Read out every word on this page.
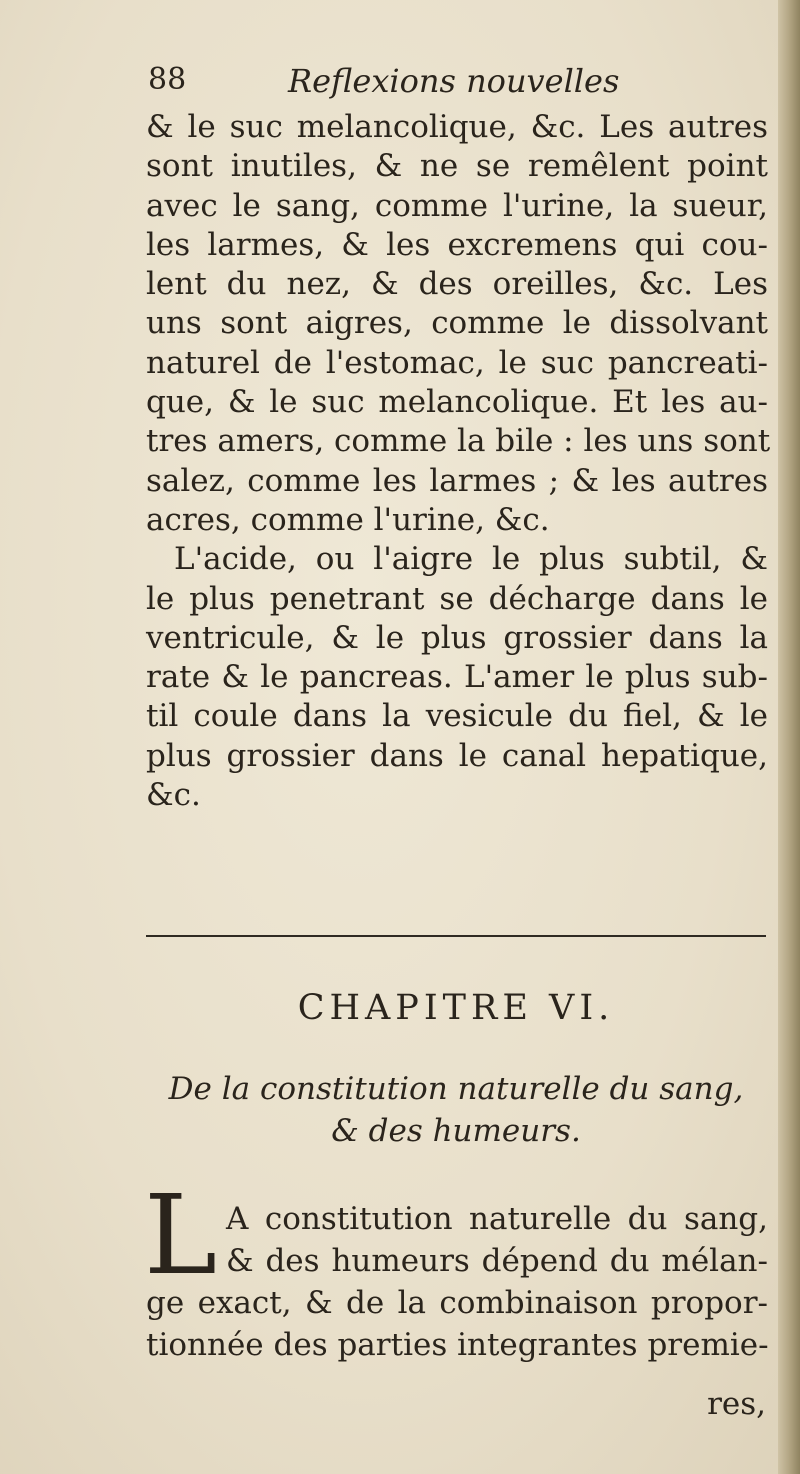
88	Reflexions nouvelles
& le suc melancolique, &c. Les autres
sont inutiles, & ne se remêlent point
avec le sang, comme l'urine, la sueur,
les larmes, & les excremens qui cou-
lent du nez, & des oreilles, &c. Les
uns sont aigres, comme le dissolvant
naturel de l'estomac, le suc pancreati-
que, & le suc melancolique. Et les au-
tres amers, comme la bile : les uns sont
salez, comme les larmes ; & les autres
acres, comme l'urine, &c.
L'acide, ou l'aigre le plus subtil, &
le plus penetrant se décharge dans le
ventricule, & le plus grossier dans la
rate & le pancreas. L'amer le plus sub-
til coule dans la vesicule du fiel, & le
plus grossier dans le canal hepatique,
&c.
CHAPITRE VI.
De la constitution naturelle du sang,
& des humeurs.
L A constitution naturelle du sang,
& des humeurs dépend du mélan-
ge exact, & de la combinaison propor-
tionnée des parties integrantes premie-
res,
